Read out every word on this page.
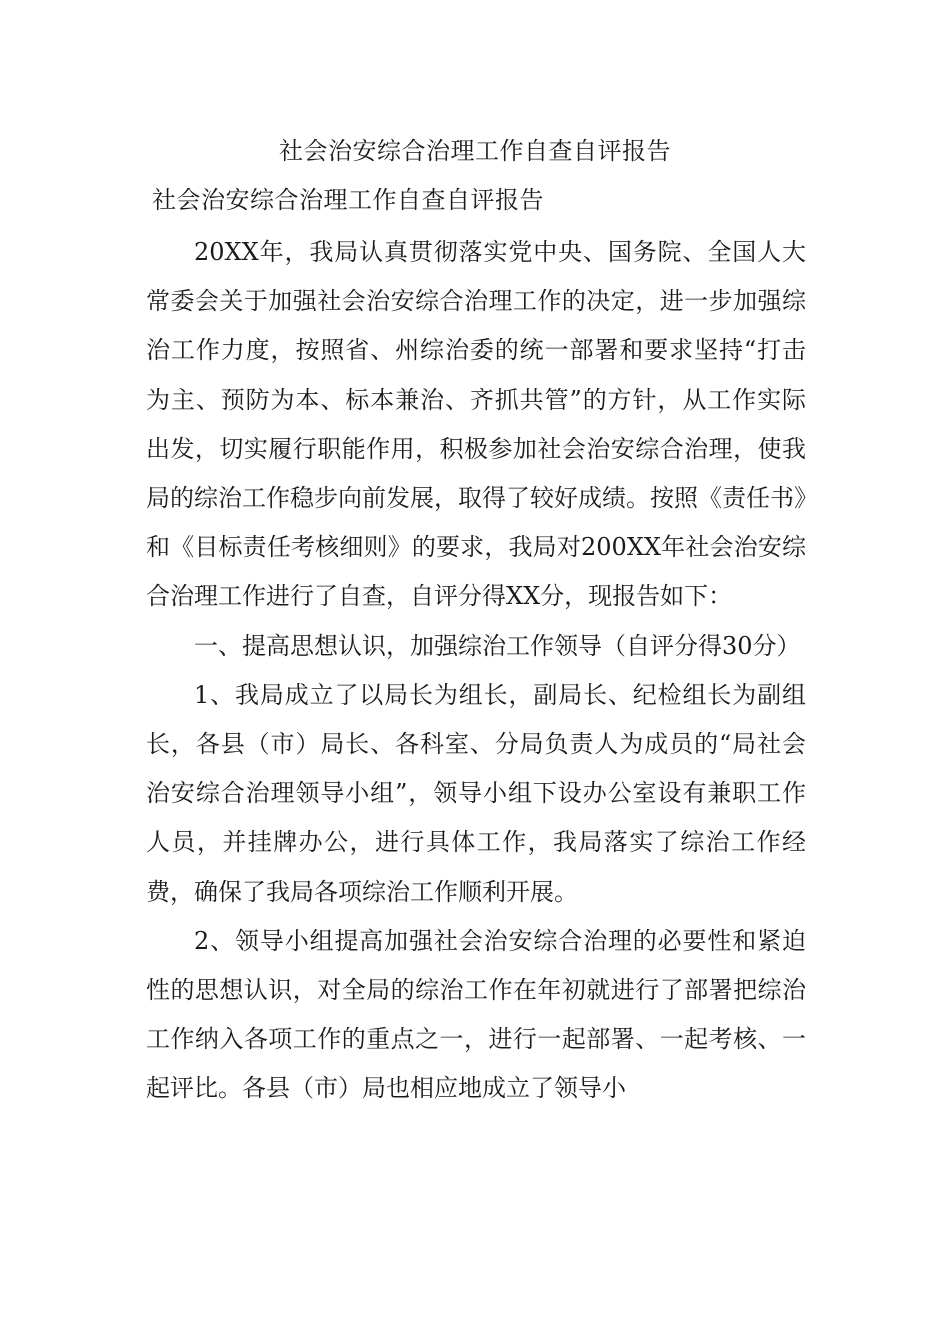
社会治安综合治理工作自查自评报告
社会治安综合治理工作自查自评报告

20XX年，我局认真贯彻落实党中央、国务院、全国人大常委会关于加强社会治安综合治理工作的决定，进一步加强综治工作力度，按照省、州综治委的统一部署和要求坚持“打击为主、预防为本、标本兼治、齐抓共管”的方针，从工作实际出发，切实履行职能作用，积极参加社会治安综合治理，使我局的综治工作稳步向前发展，取得了较好成绩。按照《责任书》和《目标责任考核细则》的要求，我局对200XX年社会治安综合治理工作进行了自查，自评分得XX分，现报告如下：

一、提高思想认识，加强综治工作领导（自评分得30分）

1、我局成立了以局长为组长，副局长、纪检组长为副组长，各县（市）局长、各科室、分局负责人为成员的“局社会治安综合治理领导小组”，领导小组下设办公室设有兼职工作人员，并挂牌办公，进行具体工作，我局落实了综治工作经费，确保了我局各项综治工作顺利开展。

2、领导小组提高加强社会治安综合治理的必要性和紧迫性的思想认识，对全局的综治工作在年初就进行了部署把综治工作纳入各项工作的重点之一，进行一起部署、一起考核、一起评比。各县（市）局也相应地成立了领导小
